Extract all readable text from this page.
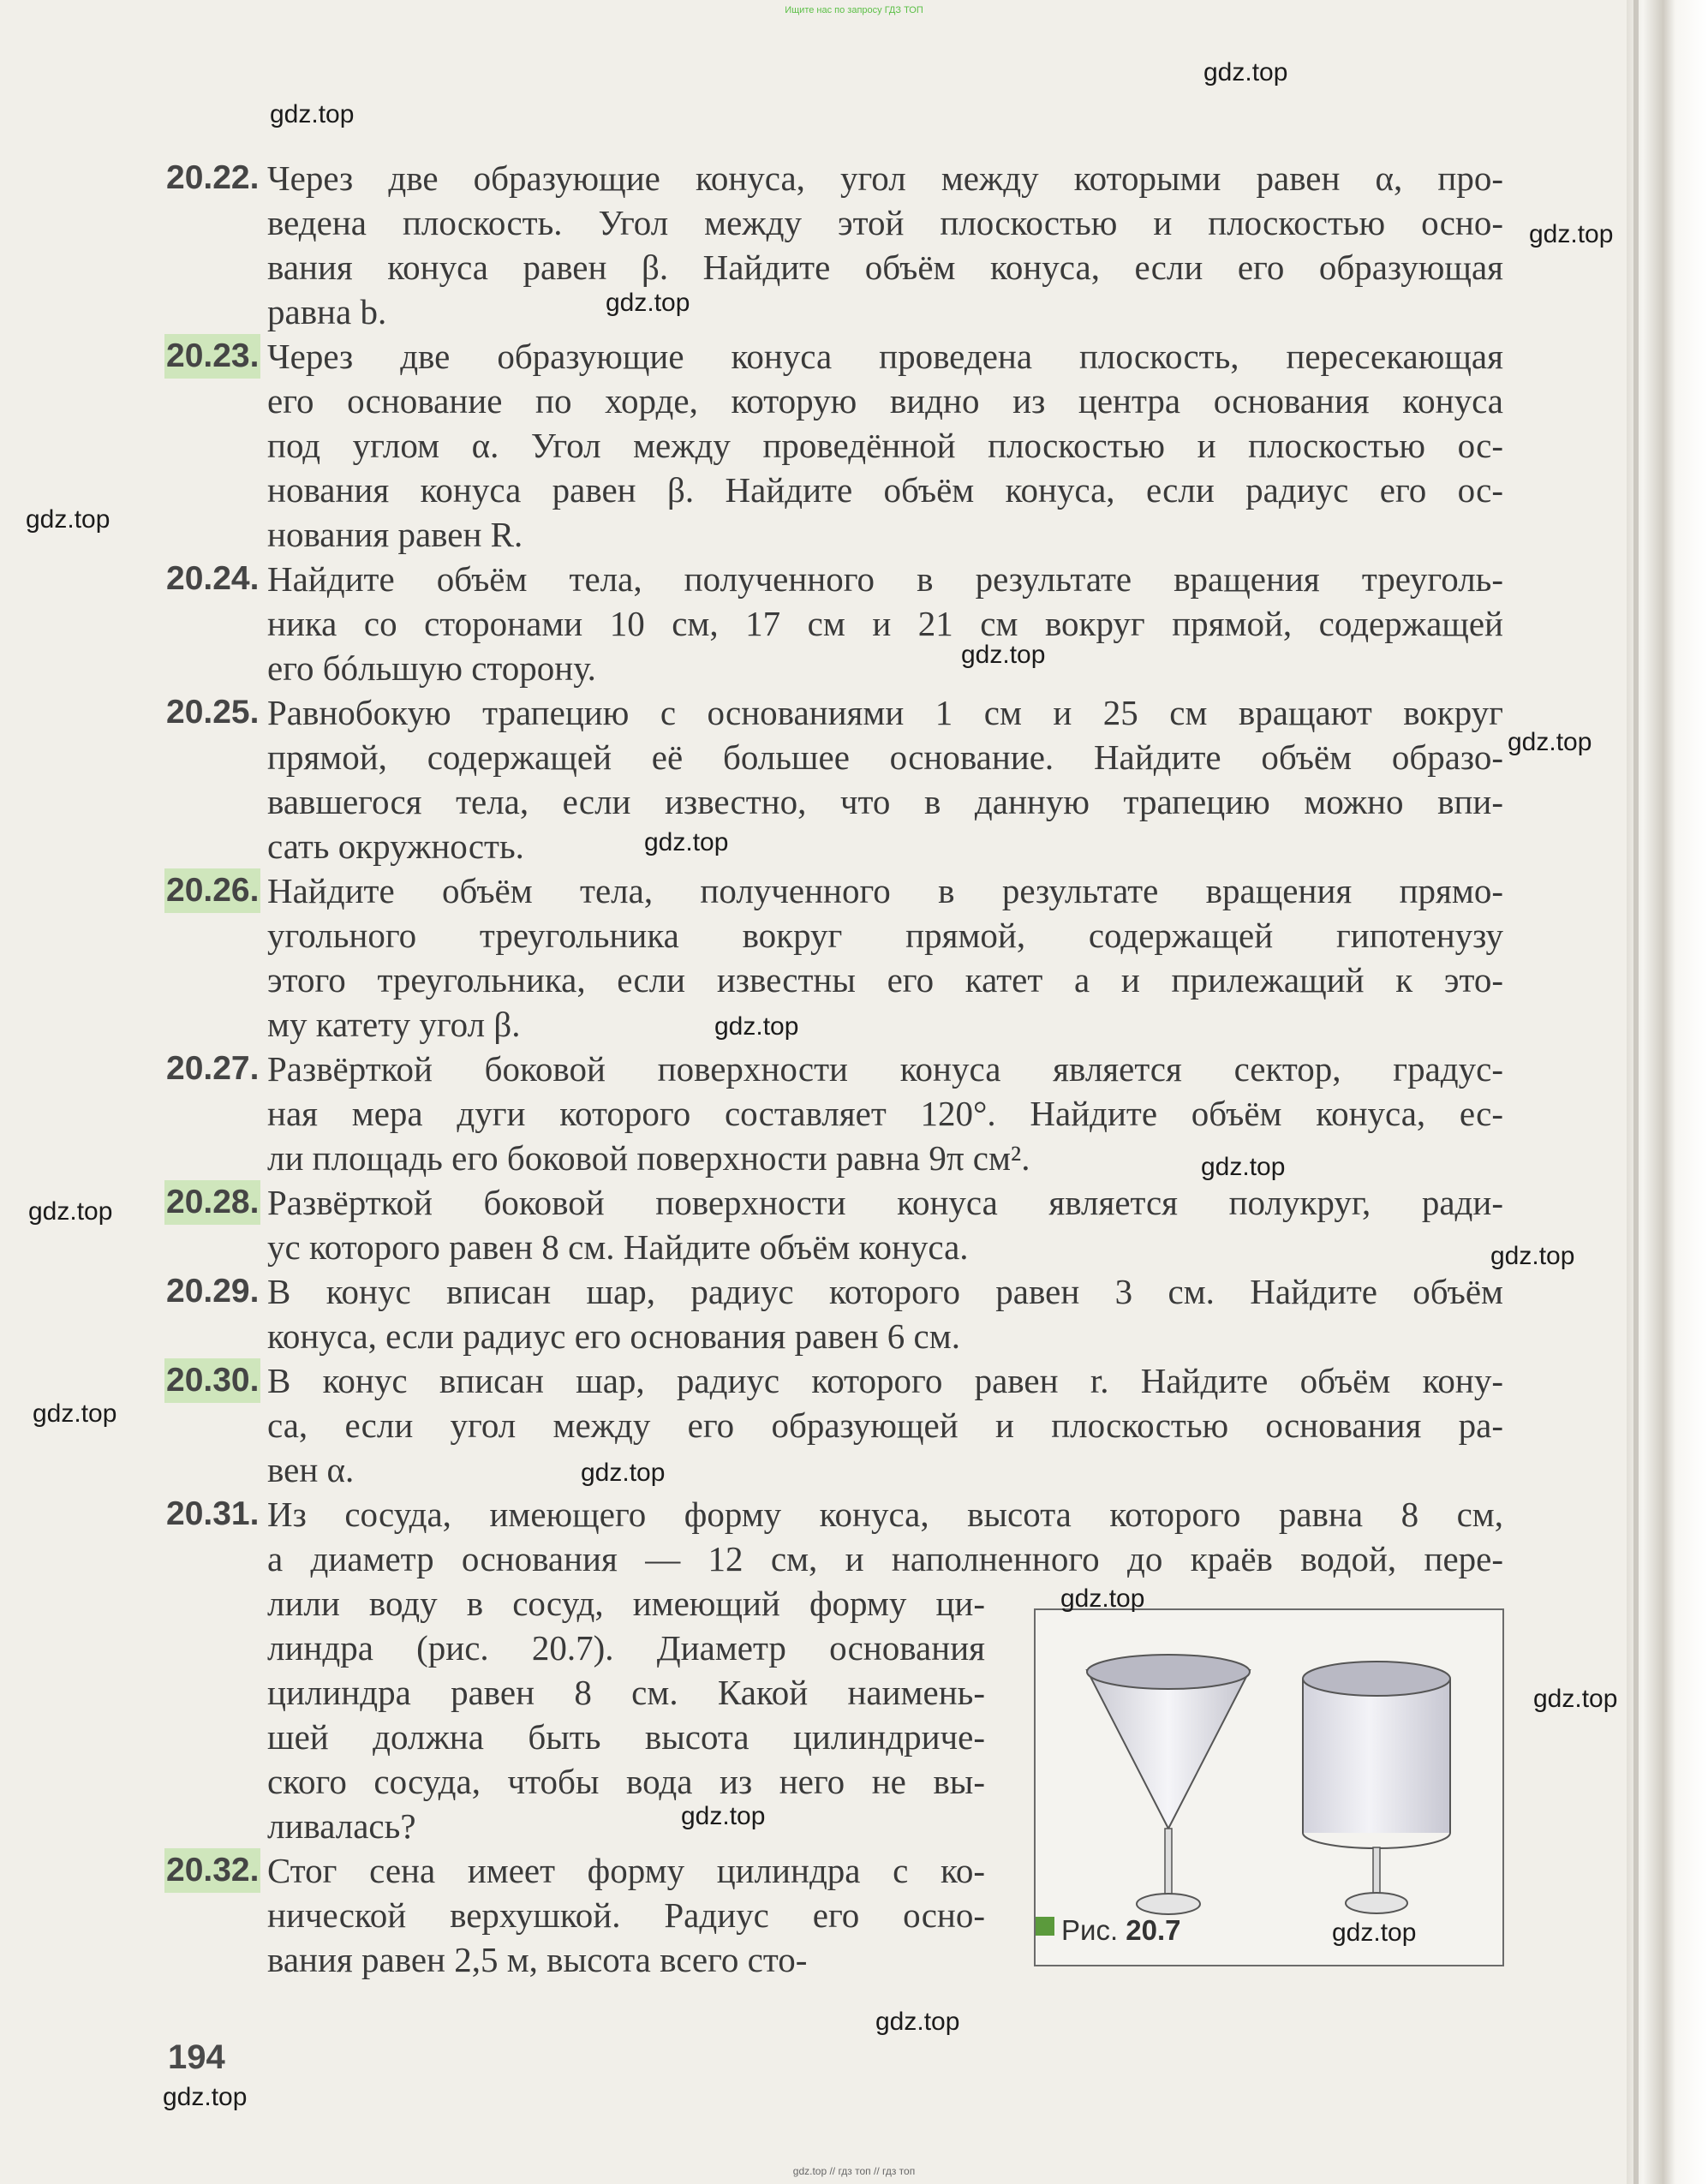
Ищите нас по запросу ГДЗ ТОП
20.22. Через две образующие конуса, угол между которыми равен α, про-
ведена плоскость. Угол между этой плоскостью и плоскостью осно-
вания конуса равен β. Найдите объём конуса, если его образующая
равна b.
20.23. Через две образующие конуса проведена плоскость, пересекающая
его основание по хорде, которую видно из центра основания конуса
под углом α. Угол между проведённой плоскостью и плоскостью ос-
нования конуса равен β. Найдите объём конуса, если радиус его ос-
нования равен R.
20.24. Найдите объём тела, полученного в результате вращения треуголь-
ника со сторонами 10 см, 17 см и 21 см вокруг прямой, содержащей
его бóльшую сторону.
20.25. Равнобокую трапецию с основаниями 1 см и 25 см вращают вокруг
прямой, содержащей её большее основание. Найдите объём образо-
вавшегося тела, если известно, что в данную трапецию можно впи-
сать окружность.
20.26. Найдите объём тела, полученного в результате вращения прямо-
угольного треугольника вокруг прямой, содержащей гипотенузу
этого треугольника, если известны его катет a и прилежащий к это-
му катету угол β.
20.27. Развёрткой боковой поверхности конуса является сектор, градус-
ная мера дуги которого составляет 120°. Найдите объём конуса, ес-
ли площадь его боковой поверхности равна 9π см².
20.28. Развёрткой боковой поверхности конуса является полукруг, ради-
ус которого равен 8 см. Найдите объём конуса.
20.29. В конус вписан шар, радиус которого равен 3 см. Найдите объём
конуса, если радиус его основания равен 6 см.
20.30. В конус вписан шар, радиус которого равен r. Найдите объём кону-
са, если угол между его образующей и плоскостью основания ра-
вен α.
20.31. Из сосуда, имеющего форму конуса, высота которого равна 8 см,
а диаметр основания — 12 см, и наполненного до краёв водой, пере-
лили воду в сосуд, имеющий форму ци-
линдра (рис. 20.7). Диаметр основания
цилиндра равен 8 см. Какой наимень-
шей должна быть высота цилиндриче-
ского сосуда, чтобы вода из него не вы-
ливалась?
20.32. Стог сена имеет форму цилиндра с ко-
нической верхушкой. Радиус его осно-
вания равен 2,5 м, высота всего сто-
Рис. 20.7
194
gdz.top // гдз топ // гдз топ
gdz.top
gdz.top
gdz.top
gdz.top
gdz.top
gdz.top
gdz.top
gdz.top
gdz.top
gdz.top
gdz.top
gdz.top
gdz.top
gdz.top
gdz.top
gdz.top
gdz.top
gdz.top
gdz.top
gdz.top
